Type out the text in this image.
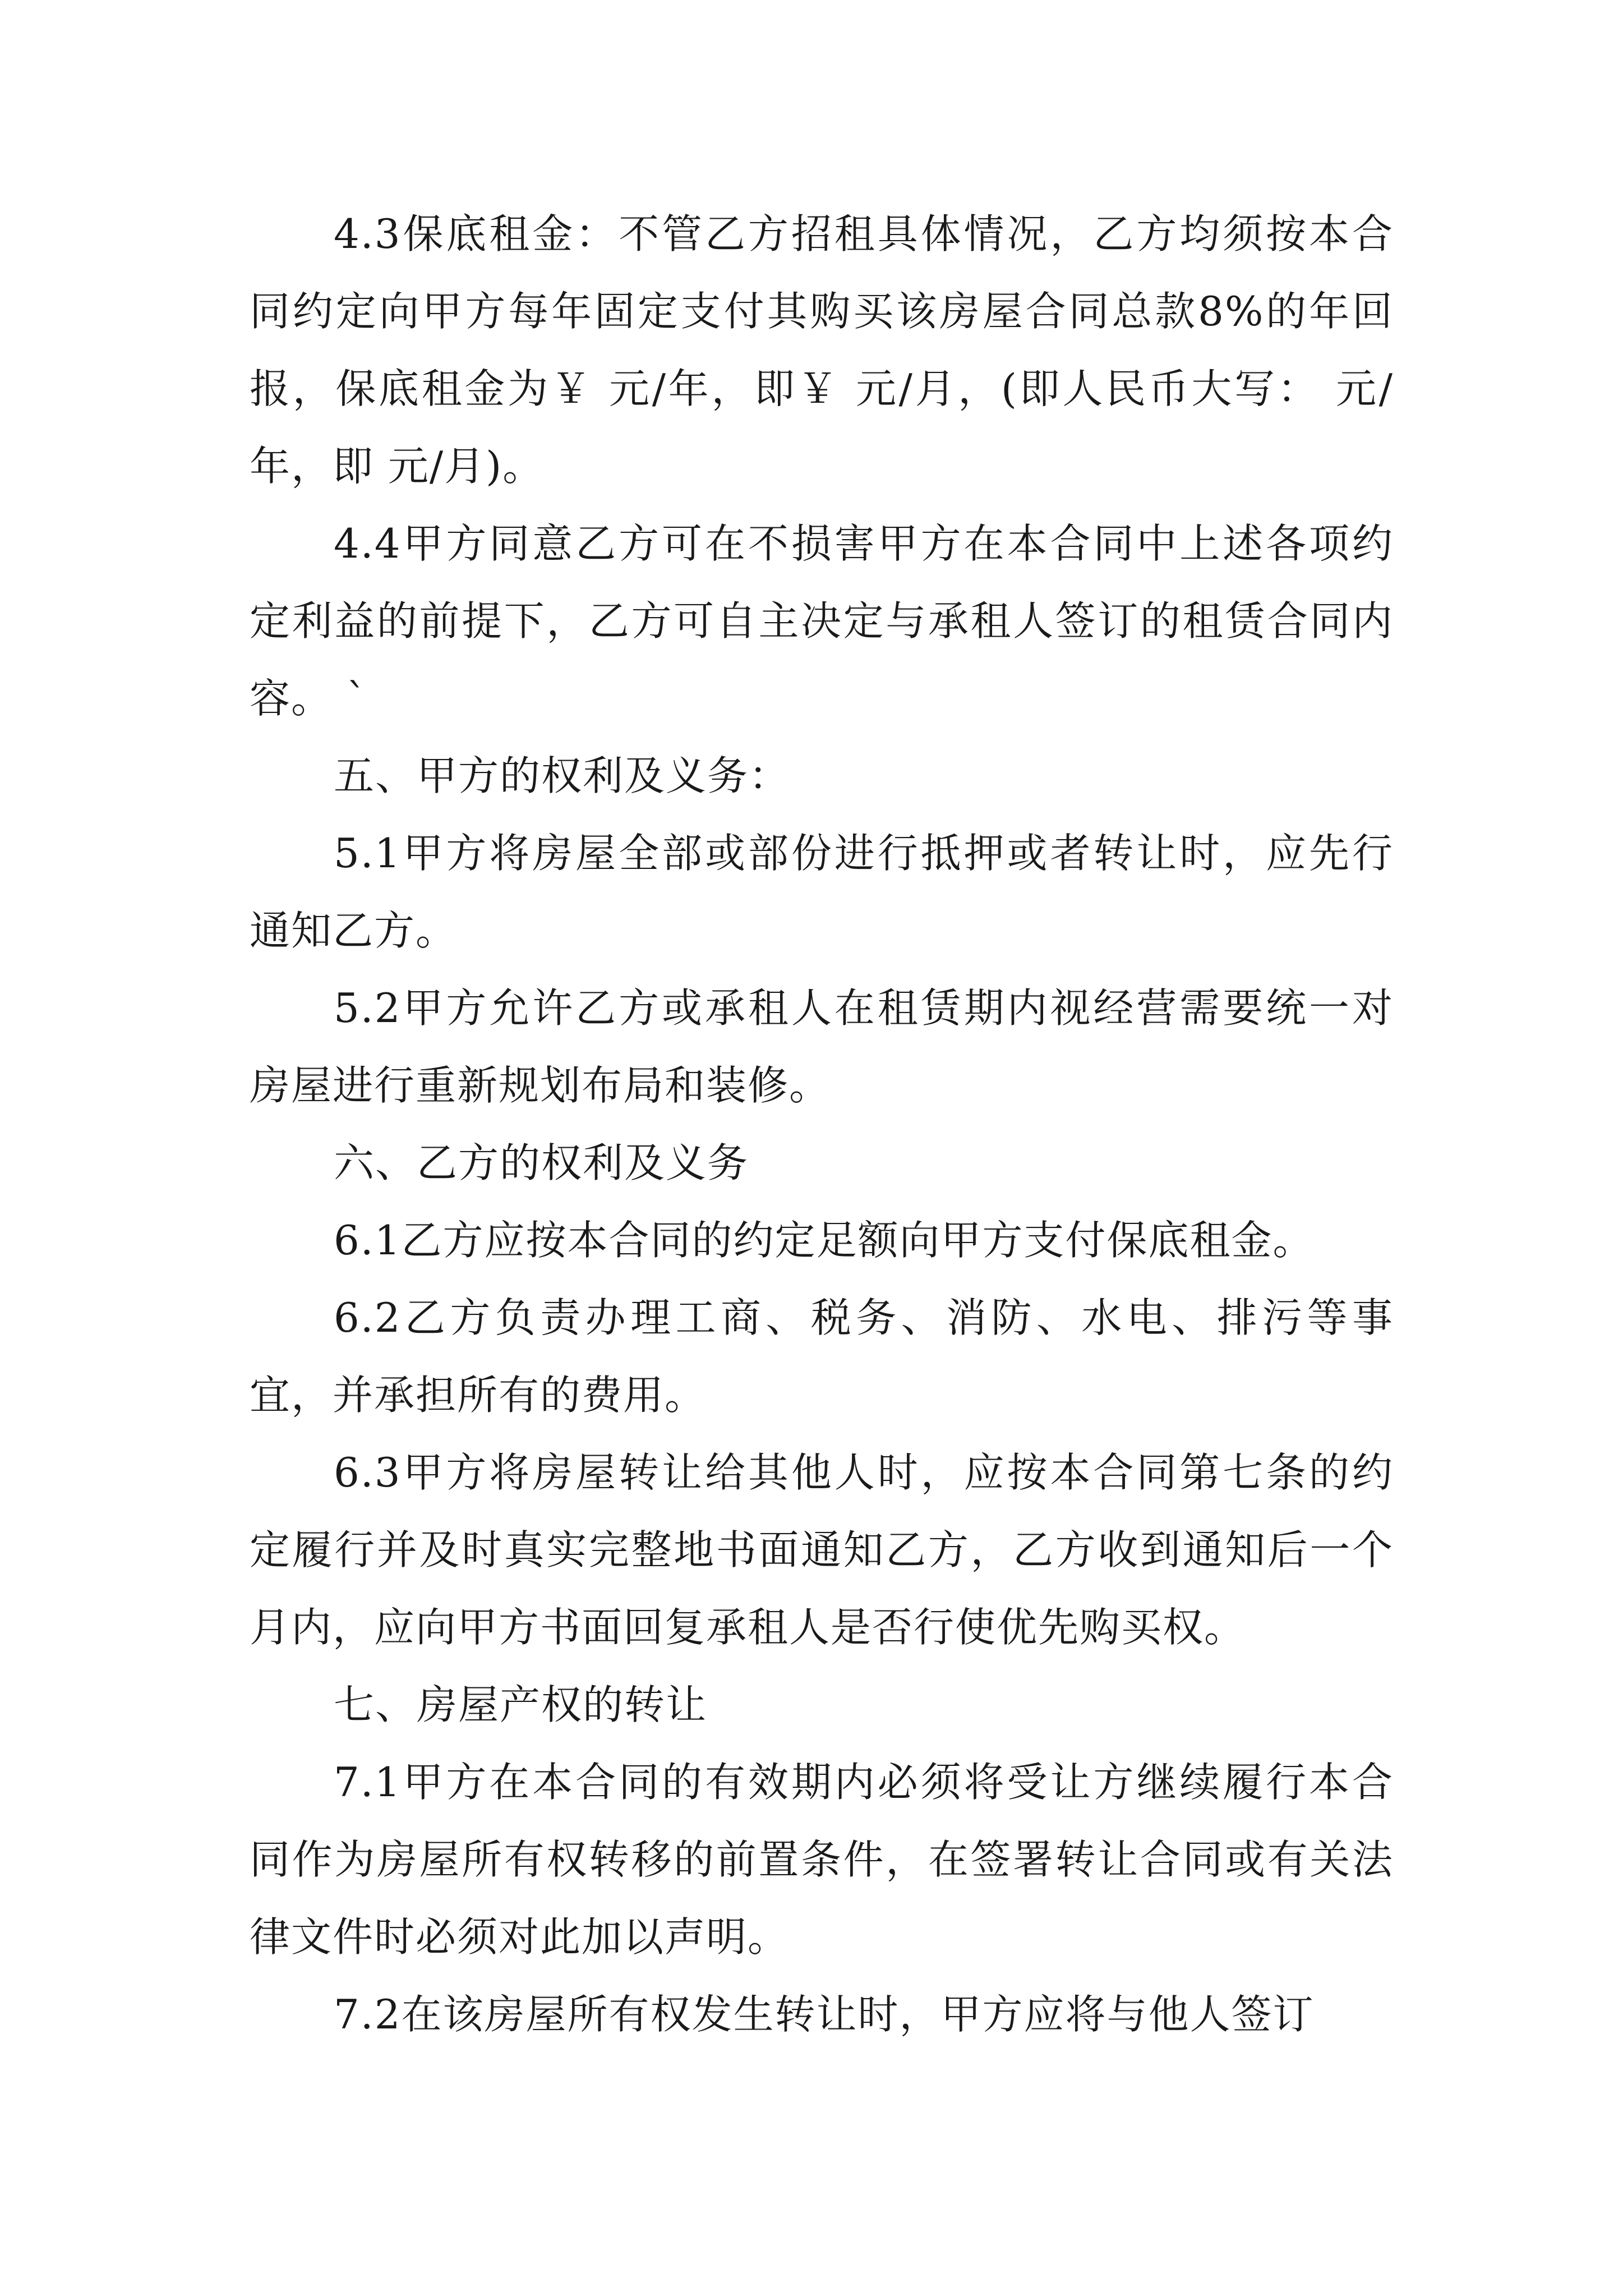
4.3保底租金：不管乙方招租具体情况，乙方均须按本合同约定向甲方每年固定支付其购买该房屋合同总款8%的年回报，保底租金为￥ 元/年，即￥ 元/月，(即人民币大写： 元/年，即 元/月)。

4.4甲方同意乙方可在不损害甲方在本合同中上述各项约定利益的前提下，乙方可自主决定与承租人签订的租赁合同内容。 `

五、甲方的权利及义务：

5.1甲方将房屋全部或部份进行抵押或者转让时，应先行通知乙方。

5.2甲方允许乙方或承租人在租赁期内视经营需要统一对房屋进行重新规划布局和装修。

六、乙方的权利及义务

6.1乙方应按本合同的约定足额向甲方支付保底租金。

6.2乙方负责办理工商、税务、消防、水电、排污等事宜，并承担所有的费用。

6.3甲方将房屋转让给其他人时，应按本合同第七条的约定履行并及时真实完整地书面通知乙方，乙方收到通知后一个月内，应向甲方书面回复承租人是否行使优先购买权。

七、房屋产权的转让

7.1甲方在本合同的有效期内必须将受让方继续履行本合同作为房屋所有权转移的前置条件，在签署转让合同或有关法律文件时必须对此加以声明。

7.2在该房屋所有权发生转让时，甲方应将与他人签订
